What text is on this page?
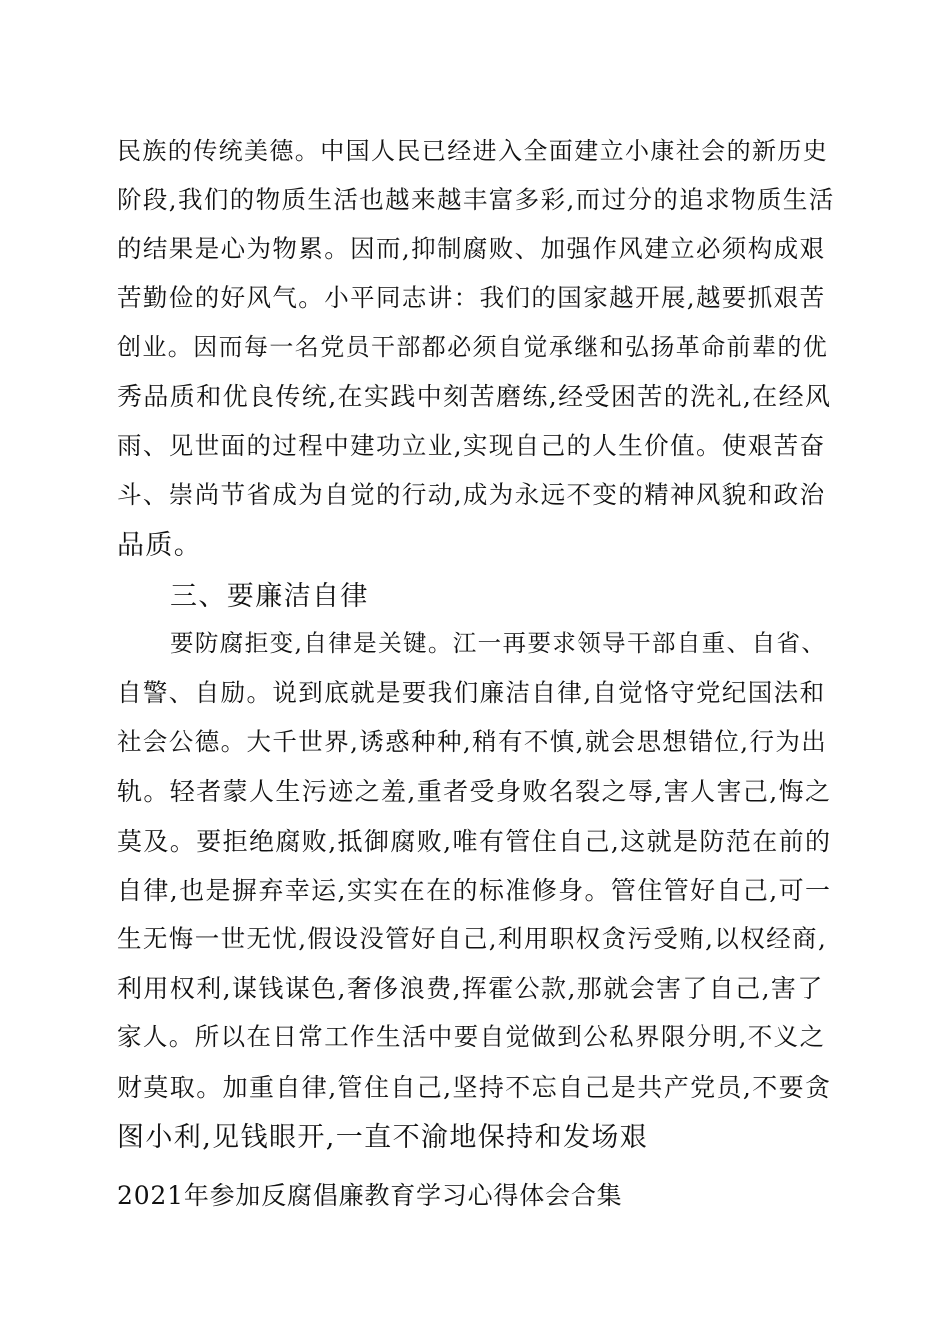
民族的传统美德。中国人民已经进入全面建立小康社会的新历史
阶段,我们的物质生活也越来越丰富多彩,而过分的追求物质生活
的结果是心为物累。因而,抑制腐败、加强作风建立必须构成艰
苦勤俭的好风气。小平同志讲：我们的国家越开展,越要抓艰苦
创业。因而每一名党员干部都必须自觉承继和弘扬革命前辈的优
秀品质和优良传统,在实践中刻苦磨练,经受困苦的洗礼,在经风
雨、见世面的过程中建功立业,实现自己的人生价值。使艰苦奋
斗、崇尚节省成为自觉的行动,成为永远不变的精神风貌和政治
品质。
三、要廉洁自律
要防腐拒变,自律是关键。江一再要求领导干部自重、自省、
自警、自励。说到底就是要我们廉洁自律,自觉恪守党纪国法和
社会公德。大千世界,诱惑种种,稍有不慎,就会思想错位,行为出
轨。轻者蒙人生污迹之羞,重者受身败名裂之辱,害人害己,悔之
莫及。要拒绝腐败,抵御腐败,唯有管住自己,这就是防范在前的
自律,也是摒弃幸运,实实在在的标准修身。管住管好自己,可一
生无悔一世无忧,假设没管好自己,利用职权贪污受贿,以权经商,
利用权利,谋钱谋色,奢侈浪费,挥霍公款,那就会害了自己,害了
家人。所以在日常工作生活中要自觉做到公私界限分明,不义之
财莫取。加重自律,管住自己,坚持不忘自己是共产党员,不要贪
图小利,见钱眼开,一直不渝地保持和发场艰
2021年参加反腐倡廉教育学习心得体会合集
